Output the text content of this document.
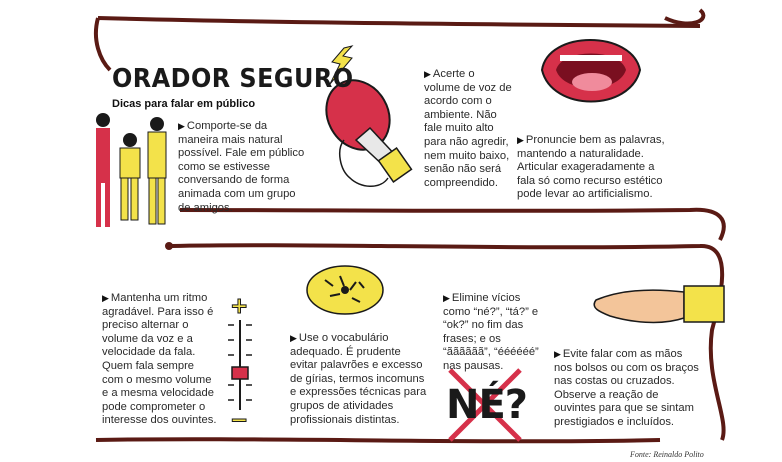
ORADOR SEGURO
Dicas para falar em público
▶ Comporte-se da maneira mais natural possível. Fale em público como se estivesse conversando de forma animada com um grupo de amigos.
▶ Acerte o volume de voz de acordo com o ambiente. Não fale muito alto para não agredir, nem muito baixo, senão não será compreendido.
▶ Pronuncie bem as palavras, mantendo a naturalidade. Articular exageradamente a fala só como recurso estético pode levar ao artificialismo.
▶ Mantenha um ritmo agradável. Para isso é preciso alternar o volume da voz e a velocidade da fala. Quem fala sempre com o mesmo volume e a mesma velocidade pode comprometer o interesse dos ouvintes.
▶ Use o vocabulário adequado. É prudente evitar palavrões e excesso de gírias, termos incomuns e expressões técnicas para grupos de atividades profissionais distintas.
▶ Elimine vícios como “né?”, “tá?” e “ok?” no fim das frases; e os “ãããããã”, “éééééé” nas pausas.
▶ Evite falar com as mãos nos bolsos ou com os braços nas costas ou cruzados. Observe a reação de ouvintes para que se sintam prestigiados e incluídos.
+
−	NÉ?
Fonte: Reinaldo Polito
